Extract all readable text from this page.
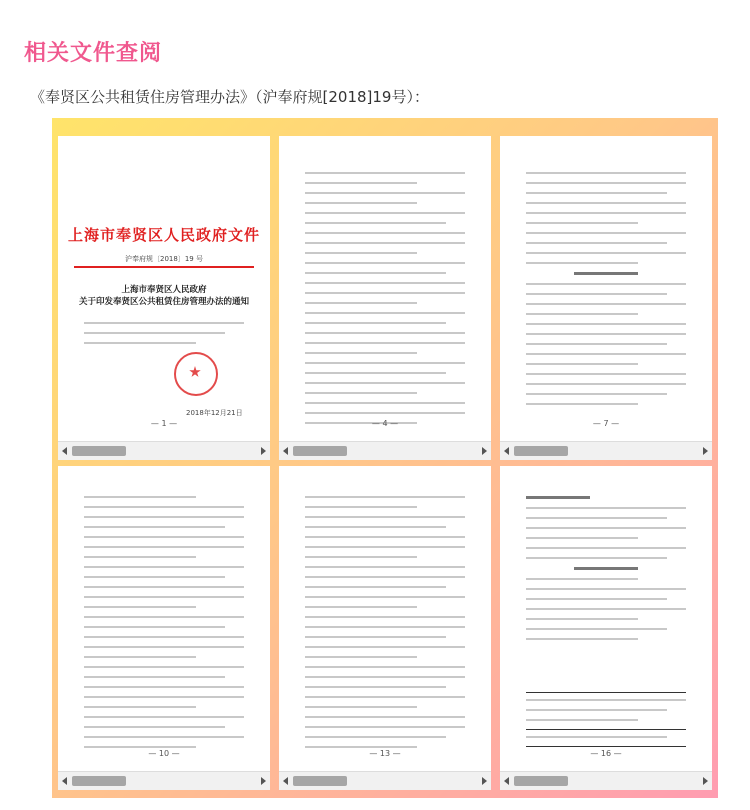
相关文件查阅
《奉贤区公共租赁住房管理办法》（沪奉府规[2018]19号）：
上海市奉贤区人民政府文件
沪奉府规〔2018〕19 号
上海市奉贤区人民政府
关于印发奉贤区公共租赁住房管理办法的通知
2018年12月21日
— 1 —	— 4 —	— 7 —
— 10 —	— 13 —	— 16 —
